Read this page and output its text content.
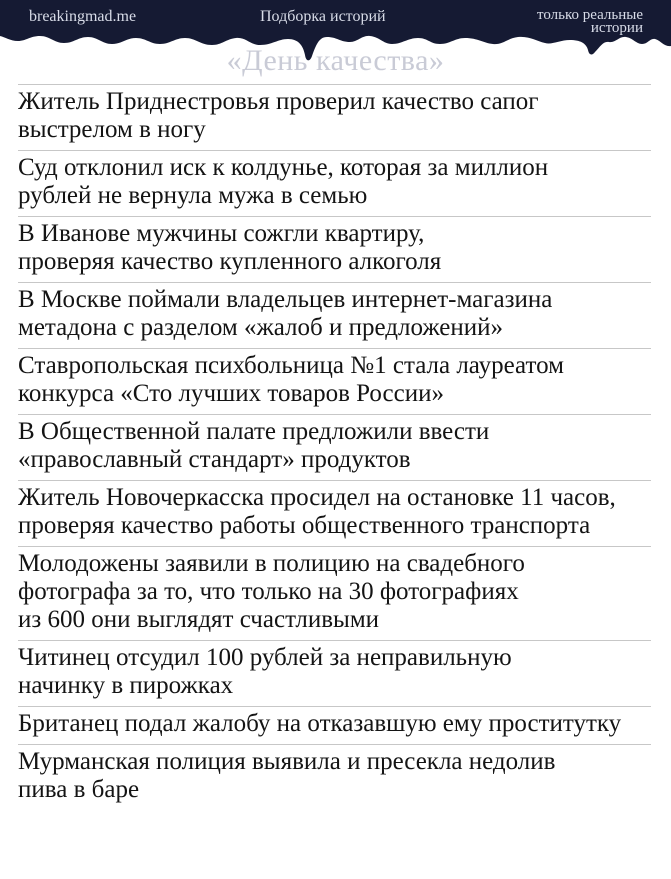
breakingmad.me	Подборка историй	только реальные
истории
«День качества»
Житель Приднестровья проверил качество сапог
выстрелом в ногу
Суд отклонил иск к колдунье, которая за миллион
рублей не вернула мужа в семью
В Иванове мужчины сожгли квартиру,
проверяя качество купленного алкоголя
В Москве поймали владельцев интернет-магазина
метадона с разделом «жалоб и предложений»
Ставропольская психбольница №1 стала лауреатом
конкурса «Сто лучших товаров России»
В Общественной палате предложили ввести
«православный стандарт» продуктов
Житель Новочеркасска просидел на остановке 11 часов,
проверяя качество работы общественного транспорта
Молодожены заявили в полицию на свадебного
фотографа за то, что только на 30 фотографиях
из 600 они выглядят счастливыми
Читинец отсудил 100 рублей за неправильную
начинку в пирожках
Британец подал жалобу на отказавшую ему проститутку
Мурманская полиция выявила и пресекла недолив
пива в баре
